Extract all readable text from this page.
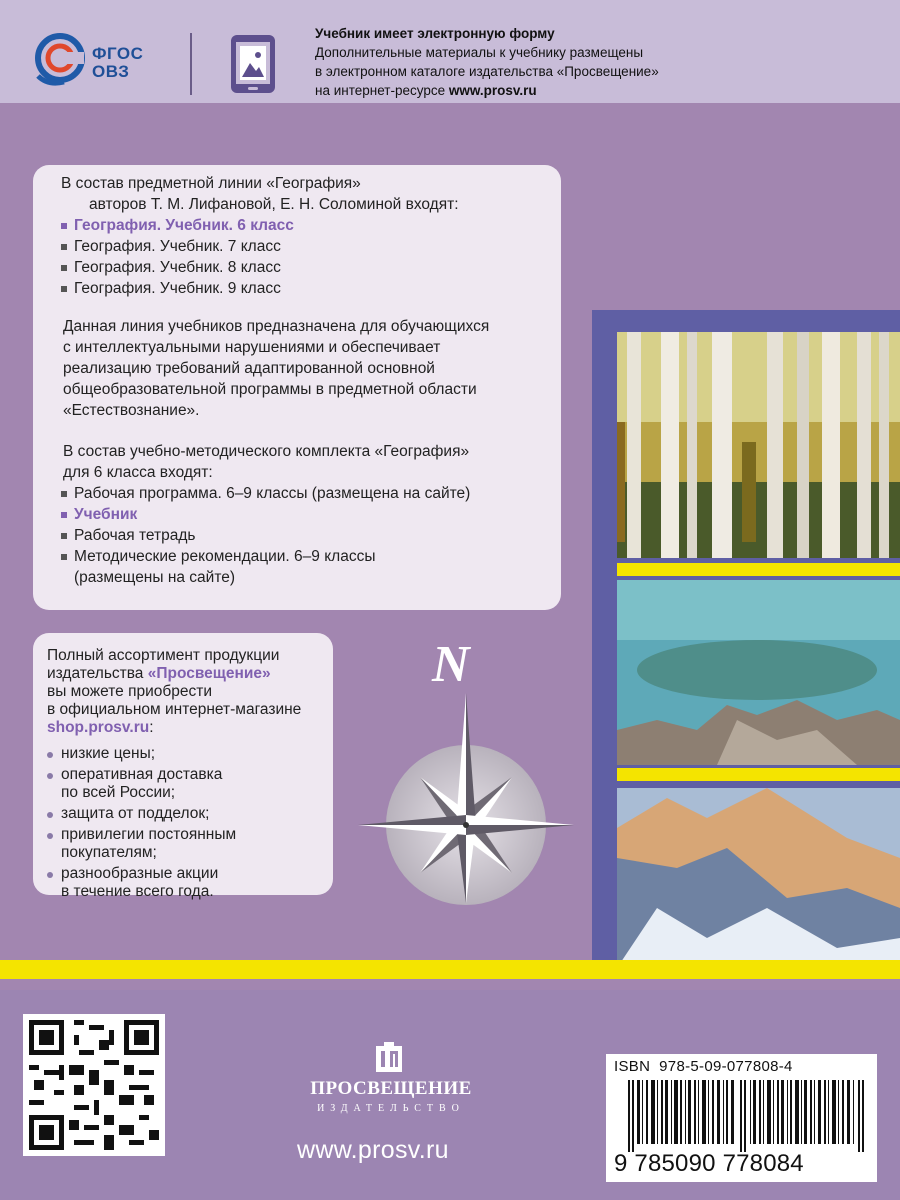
ФГОС
ОВЗ
Учебник имеет электронную форму
Дополнительные материалы к учебнику размещены
в электронном каталоге издательства «Просвещение»
на интернет-ресурсе www.prosv.ru
В состав предметной линии «География»
авторов Т. М. Лифановой, Е. Н. Соломиной входят:
География. Учебник. 6 класс
География. Учебник. 7 класс
География. Учебник. 8 класс
География. Учебник. 9 класс
Данная линия учебников предназначена для обучающихся
с интеллектуальными нарушениями и обеспечивает
реализацию требований адаптированной основной
общеобразовательной программы в предметной области
«Естествознание».
В состав учебно-методического комплекта «География»
для 6 класса входят:
Рабочая программа. 6–9 классы (размещена на сайте)
Учебник
Рабочая тетрадь
Методические рекомендации. 6–9 классы
(размещены на сайте)
Полный ассортимент продукции
издательства «Просвещение»
вы можете приобрести
в официальном интернет-магазине
shop.prosv.ru:
низкие цены;
оперативная доставка
по всей России;
защита от подделок;
привилегии постоянным
покупателям;
разнообразные акции
в течение всего года.
N
ПРОСВЕЩЕНИЕ
ИЗДАТЕЛЬСТВО
www.prosv.ru
ISBN 978-5-09-077808-4
9 785090 778084
